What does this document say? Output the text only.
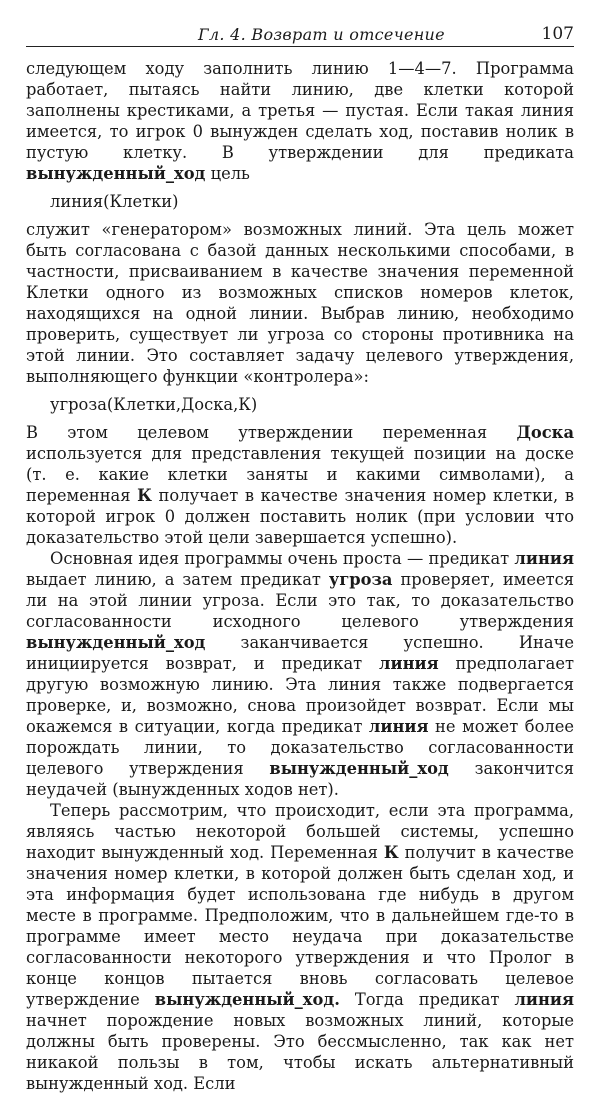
Гл. 4. Возврат и отсечение	107

следующем ходу заполнить линию 1—4—7. Программа работает, пытаясь найти линию, две клетки которой заполнены крестиками, а третья — пустая. Если такая линия имеется, то игрок 0 вынужден сделать ход, поставив нолик в пустую клетку. В утверждении для предиката вынужденный_ход цель

линия(Клетки)

служит «генератором» возможных линий. Эта цель может быть согласована с базой данных несколькими способами, в частности, присваиванием в качестве значения переменной Клетки одного из возможных списков номеров клеток, находящихся на одной линии. Выбрав линию, необходимо проверить, существует ли угроза со стороны противника на этой линии. Это составляет задачу целевого утверждения, выполняющего функции «контролера»:

угроза(Клетки,Доска,К)

В этом целевом утверждении переменная Доска используется для представления текущей позиции на доске (т. е. какие клетки заняты и какими символами), а переменная К получает в качестве значения номер клетки, в которой игрок 0 должен поставить нолик (при условии что доказательство этой цели завершается успешно).

Основная идея программы очень проста — предикат линия выдает линию, а затем предикат угроза проверяет, имеется ли на этой линии угроза. Если это так, то доказательство согласованности исходного целевого утверждения вынужденный_ход заканчивается успешно. Иначе инициируется возврат, и предикат линия предполагает другую возможную линию. Эта линия также подвергается проверке, и, возможно, снова произойдет возврат. Если мы окажемся в ситуации, когда предикат линия не может более порождать линии, то доказательство согласованности целевого утверждения вынужденный_ход закончится неудачей (вынужденных ходов нет).

Теперь рассмотрим, что происходит, если эта программа, являясь частью некоторой большей системы, успешно находит вынужденный ход. Переменная К получит в качестве значения номер клетки, в которой должен быть сделан ход, и эта информация будет использована где нибудь в другом месте в программе. Предположим, что в дальнейшем где-то в программе имеет место неудача при доказательстве согласованности некоторого утверждения и что Пролог в конце концов пытается вновь согласовать целевое утверждение вынужденный_ход. Тогда предикат линия начнет порождение новых возможных линий, которые должны быть проверены. Это бессмысленно, так как нет никакой пользы в том, чтобы искать альтернативный вынужденный ход. Если
